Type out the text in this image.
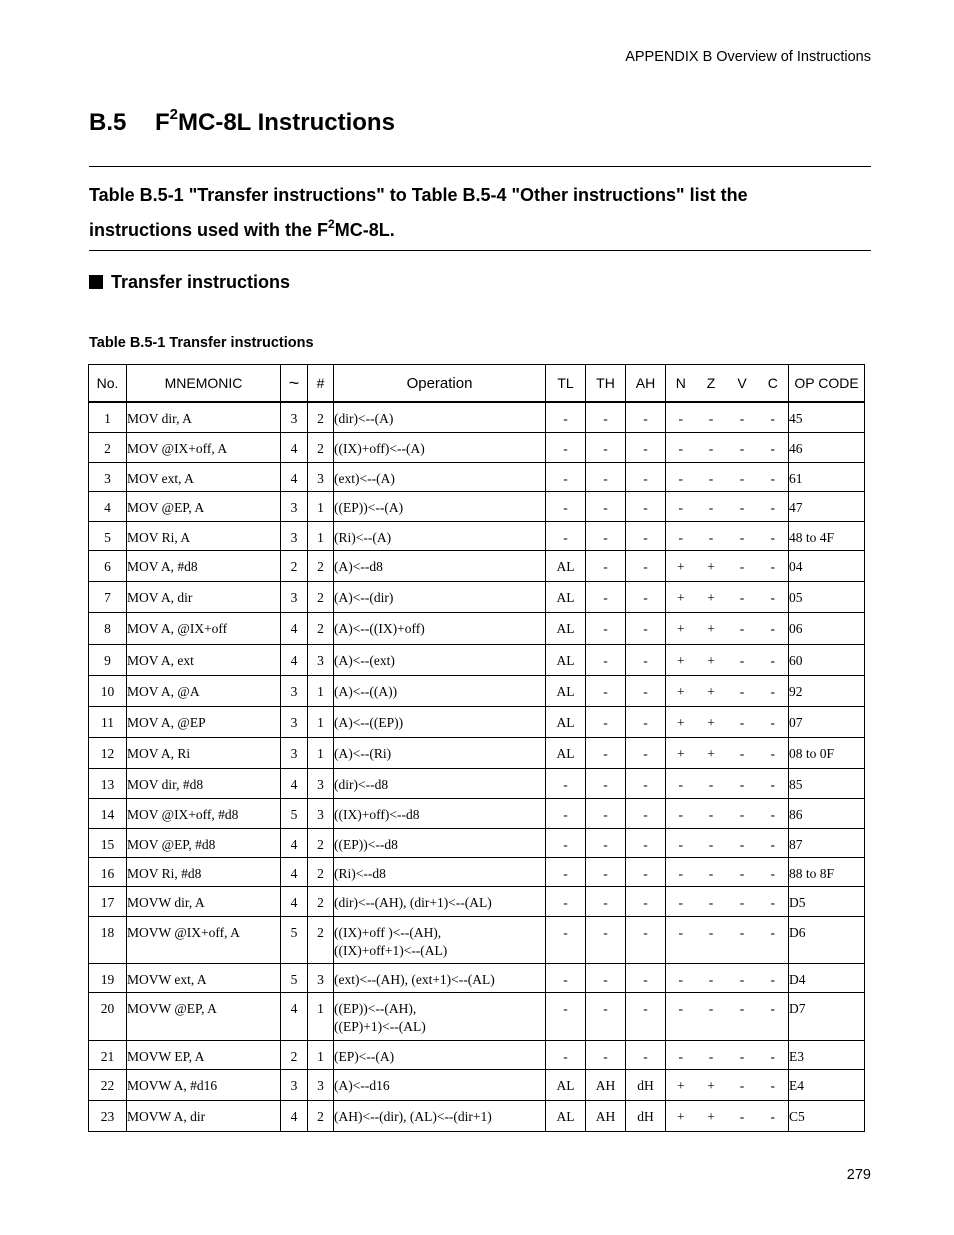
APPENDIX B Overview of Instructions
B.5 $F^2MC-8L$ Instructions

Table B.5-1 "Transfer instructions" to Table B.5-4 "Other instructions" list the instructions used with the $F^2MC-8L$.

Transfer instructions
Table B.5-1 Transfer instructions
No.	MNEMONIC	~	#	Operation	TL	TH	AH	N	Z	V	C	OP CODE
1	MOV dir, A	3	2	(dir)<--(A)	-	-	-	-	-	-	-	45
2	MOV @IX+off, A	4	2	((IX)+off)<--(A)	-	-	-	-	-	-	-	46
3	MOV ext, A	4	3	(ext)<--(A)	-	-	-	-	-	-	-	61
4	MOV @EP, A	3	1	((EP))<--(A)	-	-	-	-	-	-	-	47
5	MOV Ri, A	3	1	(Ri)<--(A)	-	-	-	-	-	-	-	48 to 4F
6	MOV A, #d8	2	2	(A)<--d8	AL	-	-	+	+	-	-	04
7	MOV A, dir	3	2	(A)<--(dir)	AL	-	-	+	+	-	-	05
8	MOV A, @IX+off	4	2	(A)<--((IX)+off)	AL	-	-	+	+	-	-	06
9	MOV A, ext	4	3	(A)<--(ext)	AL	-	-	+	+	-	-	60
10	MOV A, @A	3	1	(A)<--((A))	AL	-	-	+	+	-	-	92
11	MOV A, @EP	3	1	(A)<--((EP))	AL	-	-	+	+	-	-	07
12	MOV A, Ri	3	1	(A)<--(Ri)	AL	-	-	+	+	-	-	08 to 0F
13	MOV dir, #d8	4	3	(dir)<--d8	-	-	-	-	-	-	-	85
14	MOV @IX+off, #d8	5	3	((IX)+off)<--d8	-	-	-	-	-	-	-	86
15	MOV @EP, #d8	4	2	((EP))<--d8	-	-	-	-	-	-	-	87
16	MOV Ri, #d8	4	2	(Ri)<--d8	-	-	-	-	-	-	-	88 to 8F
17	MOVW dir, A	4	2	(dir)<--(AH), (dir+1)<--(AL)	-	-	-	-	-	-	-	D5
18	MOVW @IX+off, A	5	2	((IX)+off )<--(AH),
((IX)+off+1)<--(AL)	-	-	-	-	-	-	-	D6
19	MOVW ext, A	5	3	(ext)<--(AH), (ext+1)<--(AL)	-	-	-	-	-	-	-	D4
20	MOVW @EP, A	4	1	((EP))<--(AH),
((EP)+1)<--(AL)	-	-	-	-	-	-	-	D7
21	MOVW EP, A	2	1	(EP)<--(A)	-	-	-	-	-	-	-	E3
22	MOVW A, #d16	3	3	(A)<--d16	AL	AH	dH	+	+	-	-	E4
23	MOVW A, dir	4	2	(AH)<--(dir), (AL)<--(dir+1)	AL	AH	dH	+	+	-	-	C5
279
